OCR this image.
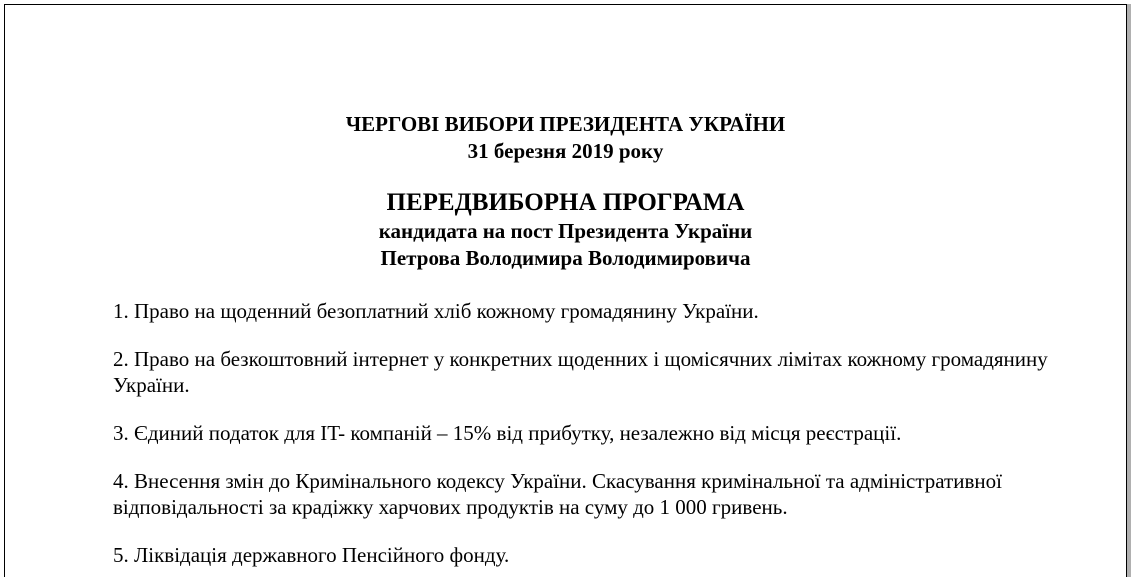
ЧЕРГОВІ ВИБОРИ ПРЕЗИДЕНТА УКРАЇНИ
31 березня 2019 року
ПЕРЕДВИБОРНА ПРОГРАМА
кандидата на пост Президента України
Петрова Володимира Володимировича

1. Право на щоденний безоплатний хліб кожному громадянину України.

2. Право на безкоштовний інтернет у конкретних щоденних і щомісячних лімітах кожному громадянину України.

3. Єдиний податок для IT- компаній – 15% від прибутку, незалежно від місця реєстрації.

4. Внесення змін до Кримінального кодексу України. Скасування кримінальної та адміністративної відповідальності за крадіжку харчових продуктів на суму до 1 000 гривень.

5. Ліквідація державного Пенсійного фонду.
